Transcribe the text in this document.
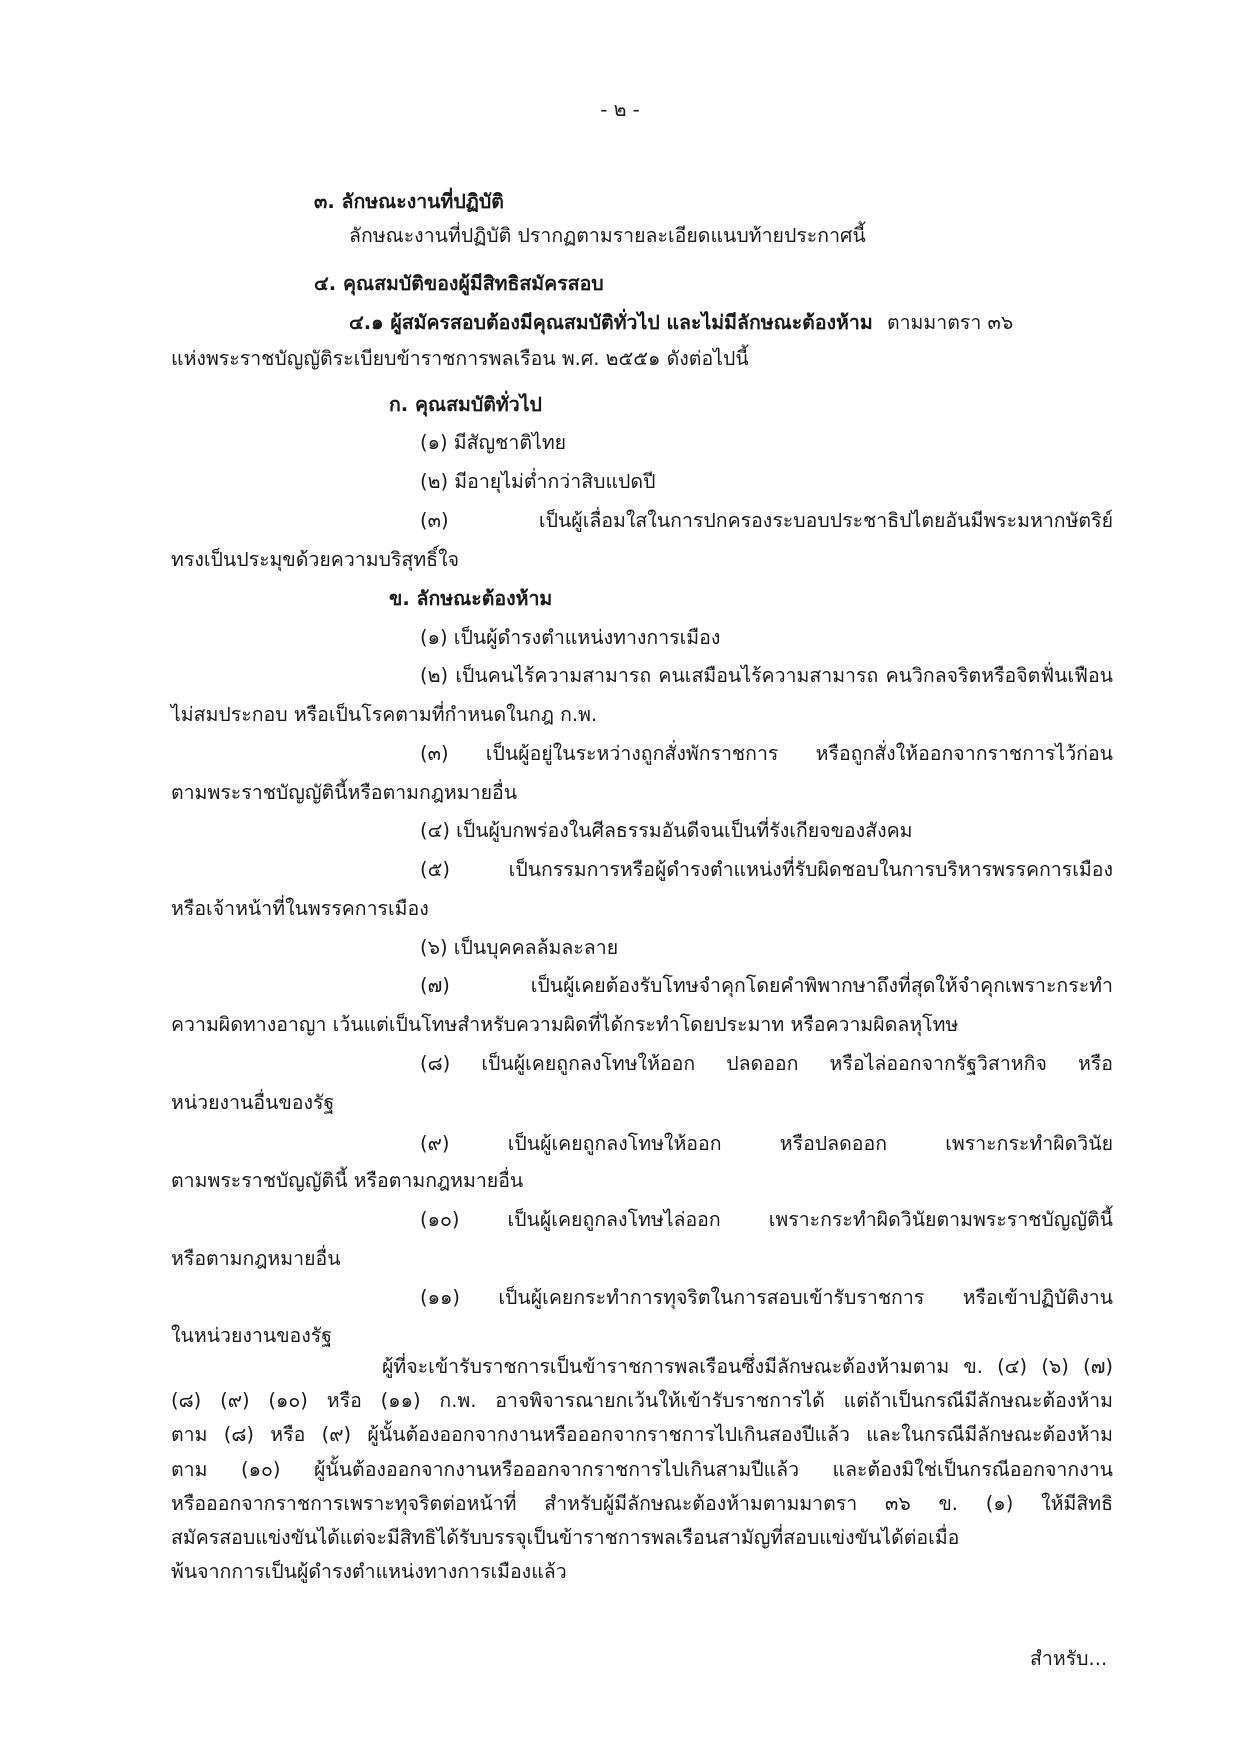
- ๒ -
๓. ลักษณะงานที่ปฏิบัติ
ลักษณะงานที่ปฏิบัติ ปรากฏตามรายละเอียดแนบท้ายประกาศนี้
๔. คุณสมบัติของผู้มีสิทธิสมัครสอบ
๔.๑ ผู้สมัครสอบต้องมีคุณสมบัติทั่วไป และไม่มีลักษณะต้องห้าม ตามมาตรา ๓๖
แห่งพระราชบัญญัติระเบียบข้าราชการพลเรือน พ.ศ. ๒๕๕๑ ดังต่อไปนี้
ก. คุณสมบัติทั่วไป
(๑) มีสัญชาติไทย
(๒) มีอายุไม่ต่ำกว่าสิบแปดปี
(๓) เป็นผู้เลื่อมใสในการปกครองระบอบประชาธิปไตยอันมีพระมหากษัตริย์
ทรงเป็นประมุขด้วยความบริสุทธิ์ใจ
ข. ลักษณะต้องห้าม
(๑) เป็นผู้ดำรงตำแหน่งทางการเมือง
(๒) เป็นคนไร้ความสามารถ คนเสมือนไร้ความสามารถ คนวิกลจริตหรือจิตฟั่นเฟือน
ไม่สมประกอบ หรือเป็นโรคตามที่กำหนดในกฎ ก.พ.
(๓) เป็นผู้อยู่ในระหว่างถูกสั่งพักราชการ หรือถูกสั่งให้ออกจากราชการไว้ก่อน
ตามพระราชบัญญัตินี้หรือตามกฎหมายอื่น
(๔) เป็นผู้บกพร่องในศีลธรรมอันดีจนเป็นที่รังเกียจของสังคม
(๕) เป็นกรรมการหรือผู้ดำรงตำแหน่งที่รับผิดชอบในการบริหารพรรคการเมือง
หรือเจ้าหน้าที่ในพรรคการเมือง
(๖) เป็นบุคคลล้มละลาย
(๗) เป็นผู้เคยต้องรับโทษจำคุกโดยคำพิพากษาถึงที่สุดให้จำคุกเพราะกระทำ
ความผิดทางอาญา เว้นแต่เป็นโทษสำหรับความผิดที่ได้กระทำโดยประมาท หรือความผิดลหุโทษ
(๘) เป็นผู้เคยถูกลงโทษให้ออก ปลดออก หรือไล่ออกจากรัฐวิสาหกิจ หรือ
หน่วยงานอื่นของรัฐ
(๙) เป็นผู้เคยถูกลงโทษให้ออก หรือปลดออก เพราะกระทำผิดวินัย
ตามพระราชบัญญัตินี้ หรือตามกฎหมายอื่น
(๑๐) เป็นผู้เคยถูกลงโทษไล่ออก เพราะกระทำผิดวินัยตามพระราชบัญญัตินี้
หรือตามกฎหมายอื่น
(๑๑) เป็นผู้เคยกระทำการทุจริตในการสอบเข้ารับราชการ หรือเข้าปฏิบัติงาน
ในหน่วยงานของรัฐ
ผู้ที่จะเข้ารับราชการเป็นข้าราชการพลเรือนซึ่งมีลักษณะต้องห้ามตาม ข. (๔) (๖) (๗)
(๘) (๙) (๑๐) หรือ (๑๑) ก.พ. อาจพิจารณายกเว้นให้เข้ารับราชการได้ แต่ถ้าเป็นกรณีมีลักษณะต้องห้าม
ตาม (๘) หรือ (๙) ผู้นั้นต้องออกจากงานหรือออกจากราชการไปเกินสองปีแล้ว และในกรณีมีลักษณะต้องห้าม
ตาม (๑๐) ผู้นั้นต้องออกจากงานหรือออกจากราชการไปเกินสามปีแล้ว และต้องมิใช่เป็นกรณีออกจากงาน
หรือออกจากราชการเพราะทุจริตต่อหน้าที่ สำหรับผู้มีลักษณะต้องห้ามตามมาตรา ๓๖ ข. (๑) ให้มีสิทธิ
สมัครสอบแข่งขันได้แต่จะมีสิทธิได้รับบรรจุเป็นข้าราชการพลเรือนสามัญที่สอบแข่งขันได้ต่อเมื่อ
พ้นจากการเป็นผู้ดำรงตำแหน่งทางการเมืองแล้ว
สำหรับ...
